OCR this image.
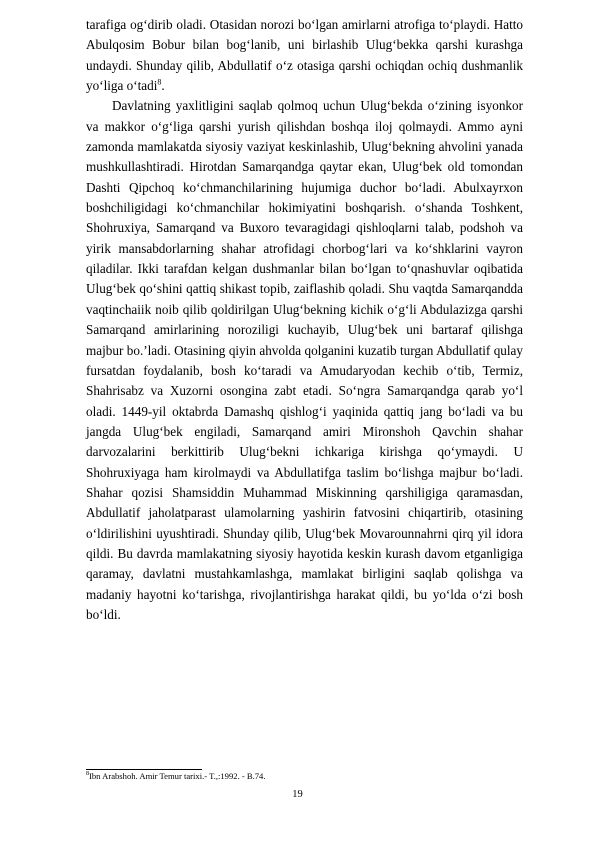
tarafiga og‘dirib oladi. Otasidan norozi bo‘lgan amirlarni atrofiga to‘playdi. Hatto Abulqosim Bobur bilan bog‘lanib, uni birlashib Ulug‘bekka qarshi kurashga undaydi. Shunday qilib, Abdullatif o‘z otasiga qarshi ochiqdan ochiq dushmanlik yo‘liga o‘tadi$^8$.

Davlatning yaxlitligini saqlab qolmoq uchun Ulug‘bekda o‘zining isyonkor va makkor o‘g‘liga qarshi yurish qilishdan boshqa iloj qolmaydi. Ammo ayni zamonda mamlakatda siyosiy vaziyat keskinlashib, Ulug‘bekning ahvolini yanada mushkullashtiradi. Hirotdan Samarqandga qaytar ekan, Ulug‘bek old tomondan Dashti Qipchoq ko‘chmanchilarining hujumiga duchor bo‘ladi. Abulxayrxon boshchiligidagi ko‘chmanchilar hokimiyatini boshqarish. o‘shanda Toshkent, Shohruxiya, Samarqand va Buxoro tevaragidagi qishloqlarni talab, podshoh va yirik mansabdorlarning shahar atrofidagi chorbog‘lari va ko‘shklarini vayron qiladilar. Ikki tarafdan kelgan dushmanlar bilan bo‘lgan to‘qnashuvlar oqibatida Ulug‘bek qo‘shini qattiq shikast topib, zaiflashib qoladi. Shu vaqtda Samarqandda vaqtinchaiik noib qilib qoldirilgan Ulug‘bekning kichik o‘g‘li Abdulazizga qarshi Samarqand amirlarining noroziligi kuchayib, Ulug‘bek uni bartaraf qilishga majbur bo.’ladi. Otasining qiyin ahvolda qolganini kuzatib turgan Abdullatif qulay fursatdan foydalanib, bosh ko‘taradi va Amudaryodan kechib o‘tib, Termiz, Shahrisabz va Xuzorni osongina zabt etadi. So‘ngra Samarqandga qarab yo‘l oladi. 1449-yil oktabrda Damashq qishlog‘i yaqinida qattiq jang bo‘ladi va bu jangda Ulug‘bek engiladi, Samarqand amiri Mironshoh Qavchin shahar darvozalarini berkittirib Ulug‘bekni ichkariga kirishga qo‘ymaydi. U Shohruxiyaga ham kirolmaydi va Abdullatifga taslim bo‘lishga majbur bo‘ladi. Shahar qozisi Shamsiddin Muhammad Miskinning qarshiligiga qaramasdan, Abdullatif jaholatparast ulamolarning yashirin fatvosini chiqartirib, otasining o‘ldirilishini uyushtiradi. Shunday qilib, Ulug‘bek Movarounnahrni qirq yil idora qildi. Bu davrda mamlakatning siyosiy hayotida keskin kurash davom etganligiga qaramay, davlatni mustahkamlashga, mamlakat birligini saqlab qolishga va madaniy hayotni ko‘tarishga, rivojlantirishga harakat qildi, bu yo‘lda o‘zi bosh bo‘ldi.

$^8$Ibn Arabshoh. Amir Temur tarixi.- T.,:1992. - B.74.
19
